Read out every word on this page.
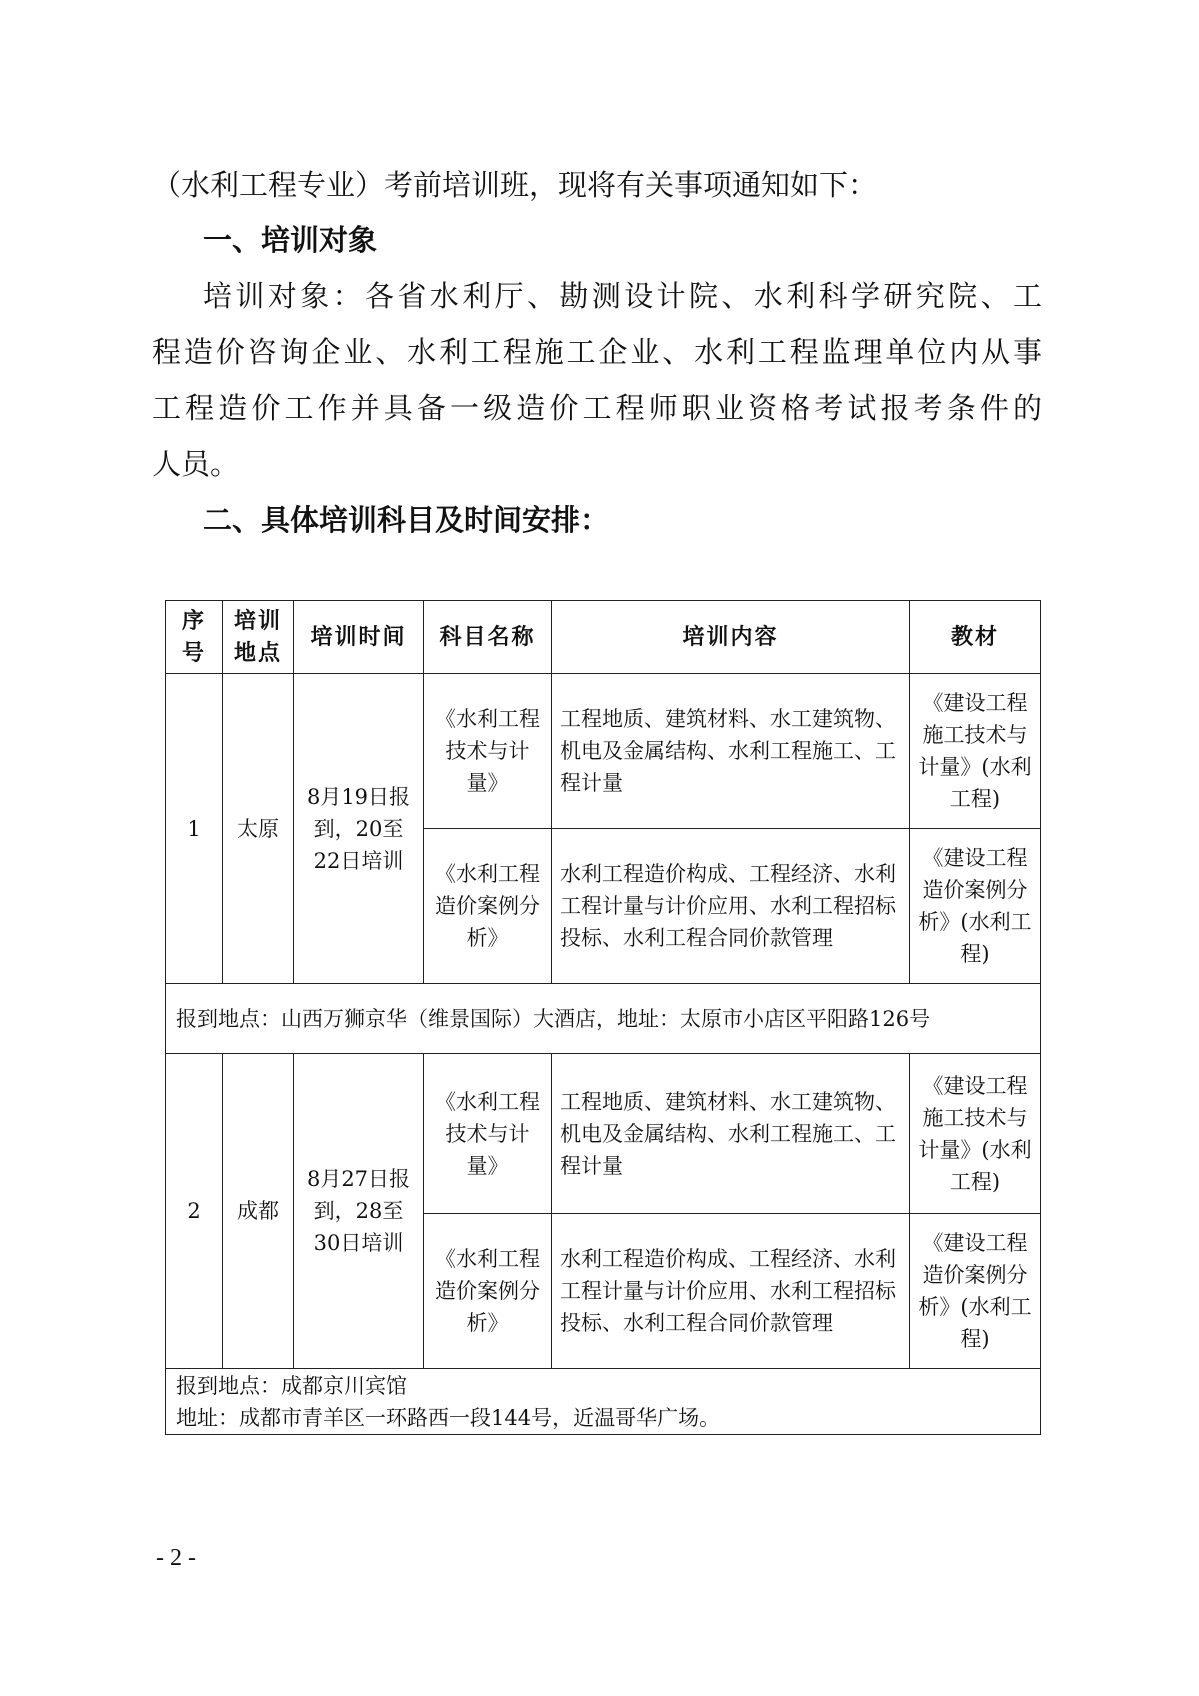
（水利工程专业）考前培训班，现将有关事项通知如下：
一、培训对象
培训对象：各省水利厅、勘测设计院、水利科学研究院、工
程造价咨询企业、水利工程施工企业、水利工程监理单位内从事
工程造价工作并具备一级造价工程师职业资格考试报考条件的
人员。
二、具体培训科目及时间安排：
序号	培训地点	培训时间	科目名称	培训内容	教材
1	太原	8月19日报到，20至22日培训	《水利工程技术与计量》	工程地质、建筑材料、水工建筑物、机电及金属结构、水利工程施工、工程计量	《建设工程施工技术与计量》(水利工程)
			《水利工程造价案例分析》	水利工程造价构成、工程经济、水利工程计量与计价应用、水利工程招标投标、水利工程合同价款管理	《建设工程造价案例分析》(水利工程)

报到地点：山西万狮京华（维景国际）大酒店，地址：太原市小店区平阳路126号					

2	成都	8月27日报到，28至30日培训	《水利工程技术与计量》	工程地质、建筑材料、水工建筑物、机电及金属结构、水利工程施工、工程计量	《建设工程施工技术与计量》(水利工程)
			《水利工程造价案例分析》	水利工程造价构成、工程经济、水利工程计量与计价应用、水利工程招标投标、水利工程合同价款管理	《建设工程造价案例分析》(水利工程)

报到地点：成都京川宾馆
地址：成都市青羊区一环路西一段144号，近温哥华广场。					
- 2 -
